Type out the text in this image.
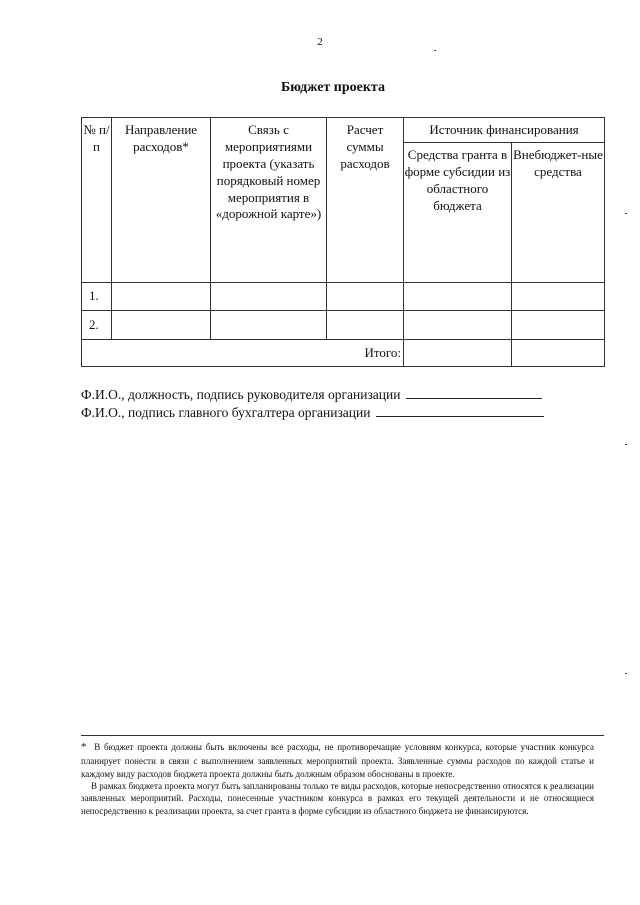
2
Бюджет проекта
№ п/п	Направление расходов*	Связь с мероприятиями проекта (указать порядковый номер мероприятия в «дорожной карте»)	Расчет суммы расходов	Источник финансирования	
				Средства гранта в форме субсидии из областного бюджета	Внебюджет-ные средства
1.					
2.					
Итого:					
Ф.И.О., должность, подпись руководителя организации
Ф.И.О., подпись главного бухгалтера организации

* В бюджет проекта должны быть включены все расходы, не противоречащие условиям конкурса, которые участник конкурса планирует понести в связи с выполнением заявленных мероприятий проекта. Заявленные суммы расходов по каждой статье и каждому виду расходов бюджета проекта должны быть должным образом обоснованы в проекте.

В рамках бюджета проекта могут быть запланированы только те виды расходов, которые непосредственно относятся к реализации заявленных мероприятий. Расходы, понесенные участником конкурса в рамках его текущей деятельности и не относящиеся непосредственно к реализации проекта, за счет гранта в форме субсидии из областного бюджета не финансируются.
